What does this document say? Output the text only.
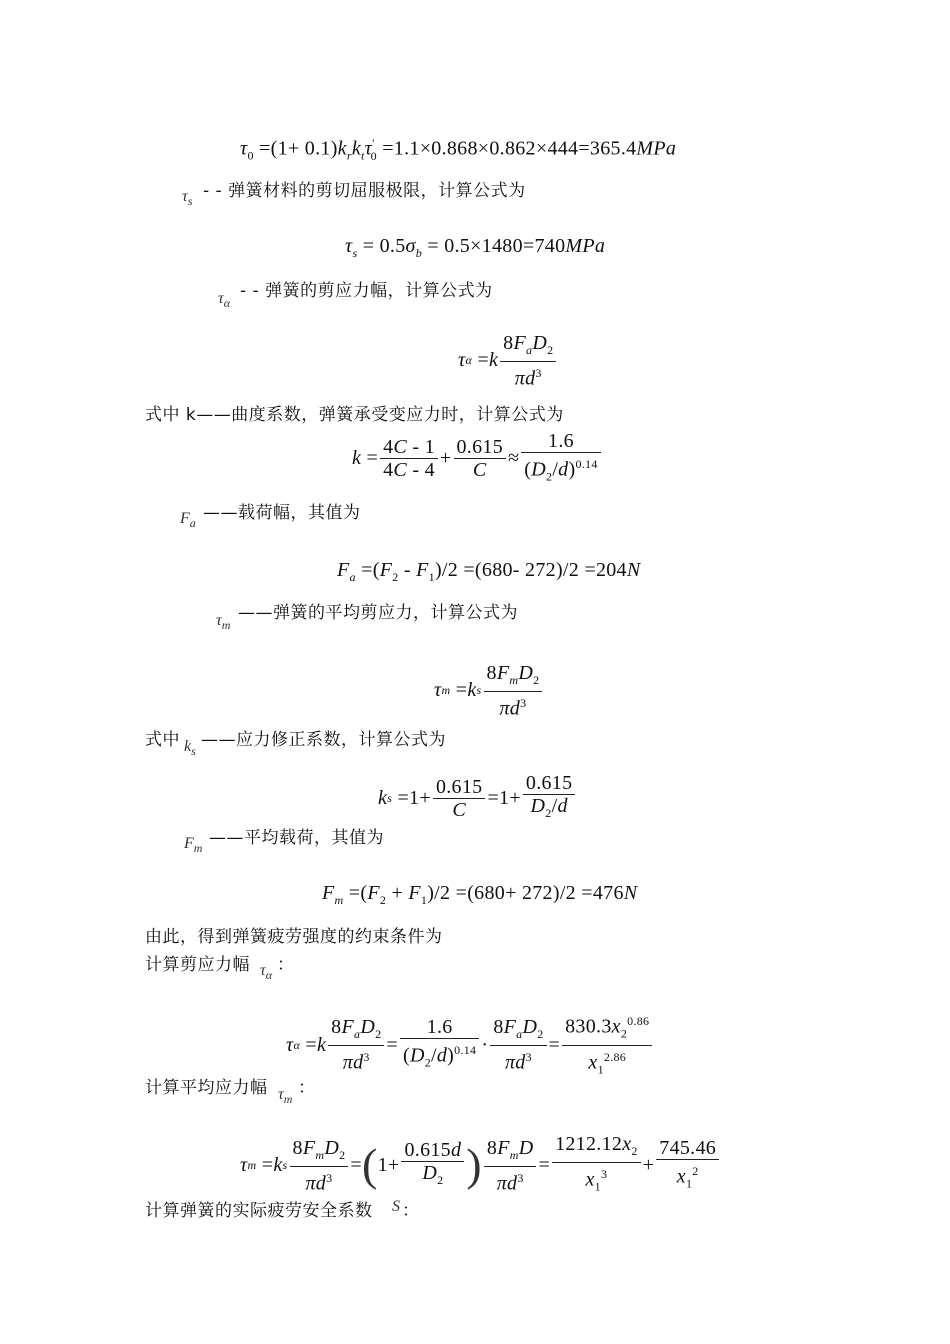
$\tau_0 =(1+ 0.1)k_rk_t\tau'_0 =1.1\times 0.868\times 0.862\times 444=365.4MPa$
$\tau_s$
- - 弹簧材料的剪切屈服极限，计算公式为
$\tau_s = 0.5\sigma_b = 0.5\times 1480=740MPa$
$\tau_\alpha$
- - 弹簧的剪应力幅，计算公式为
τ α = k $\frac{8F_aD_2}{\pi d^3}$
式中 k——曲度系数，弹簧承受变应力时，计算公式为
$k = \frac{4C - 1}{4C - 4} + \frac{0.615}{C} \approx \frac{1.6}{(D_2/d)^{0.14}}$
$F_a$
——载荷幅，其值为
$F_a =(F_2 - F_1)/2 =(680-$ 272)/2 =204N
$\tau_m$
——弹簧的平均剪应力，计算公式为
τ m = k s $\frac{8F_mD_2}{\pi d^3}$
式中 $k_s$
——应力修正系数，计算公式为
k $s =1+ \frac{0.615}{C} =1+ \frac{0.615}{D_2/d}$
$F_m$
——平均载荷，其值为
$F_m =(F_2 + F_1)/2 =(680+ 272)/2 =476N$
由此，得到弹簧疲劳强度的约束条件为
计算剪应力幅 $\tau_\alpha$
：
τ α = k $\frac{8F_aD_2}{\pi d^3} = \frac{1.6}{(D_2/d)^{0.14}} \cdot \frac{8F_aD_2}{\pi d^3} = \frac{830.3x_2^{0.86}}{x_1^{2.86}}$
计算平均应力幅 $\tau_m$
：
τ m = k s $\frac{8F_mD_2}{\pi d^3}$ = ( $1+ \frac{0.615d}{D_2}$ ) $\frac{8F_mD}{\pi d^3} = \frac{1212.12x_2}{x_1^3} + \frac{745.46}{x_1^2}$
计算弹簧的实际疲劳安全系数 S ：
